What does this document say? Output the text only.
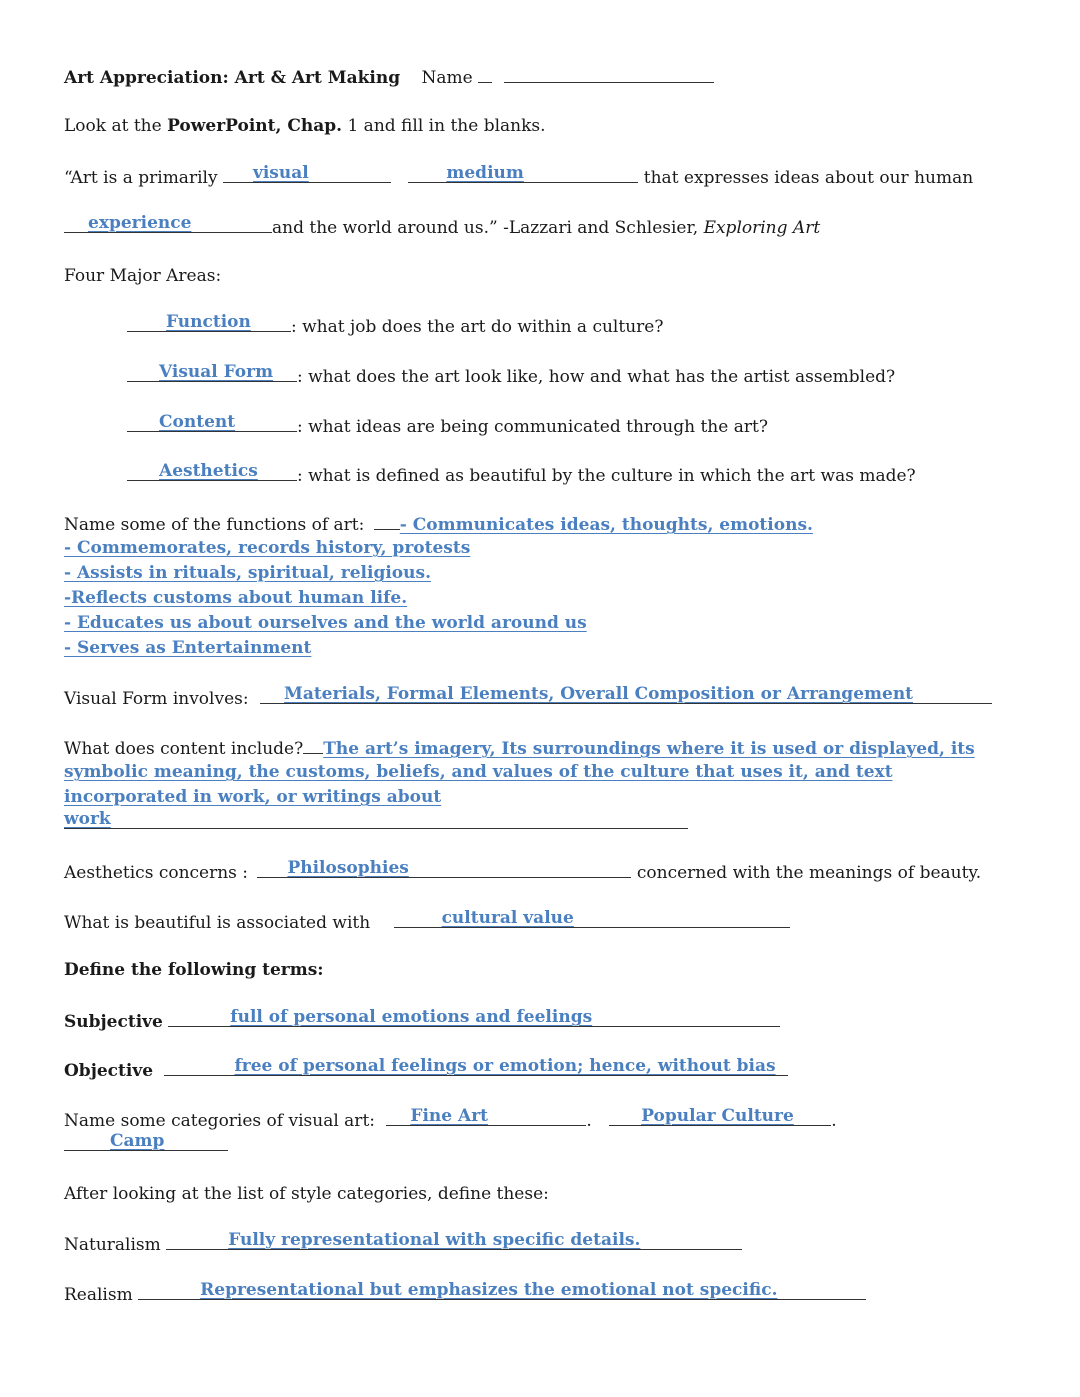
Art Appreciation: Art & Art Making Name
Look at the PowerPoint, Chap. 1 and fill in the blanks.
“Art is a primarily visual
	medium	that expresses ideas about our human
experience	and the world around us.” -Lazzari and Schlesier, Exploring Art
Four Major Areas:
Function : what job does the art do within a culture?
Visual Form : what does the art look like, how and what has the artist assembled?
Content	: what ideas are being communicated through the art?
Aesthetics : what is defined as beautiful by the culture in which the art was made?
Name some of the functions of art: - Communicates ideas, thoughts, emotions.
- Commemorates, records history, protests
- Assists in rituals, spiritual, religious.
-Reflects customs about human life.
- Educates us about ourselves and the world around us
- Serves as Entertainment
Visual Form involves: Materials, Formal Elements, Overall Composition or Arrangement
What does content include? The art’s imagery, Its surroundings where it is used or displayed, its
symbolic meaning, the customs, beliefs, and values of the culture that uses it, and text
incorporated in work, or writings about
work
Aesthetics concerns : Philosophies	concerned with the meanings of beauty.
What is beautiful is associated with	cultural value
Define the following terms:
Subjective	full of personal emotions and feelings
Objective	free of personal feelings or emotion; hence, without bias
Name some categories of visual art: Fine Art	.	Popular Culture .
Camp
After looking at the list of style categories, define these:
Naturalism	Fully representational with specific details.
Realism	Representational but emphasizes the emotional not specific.
